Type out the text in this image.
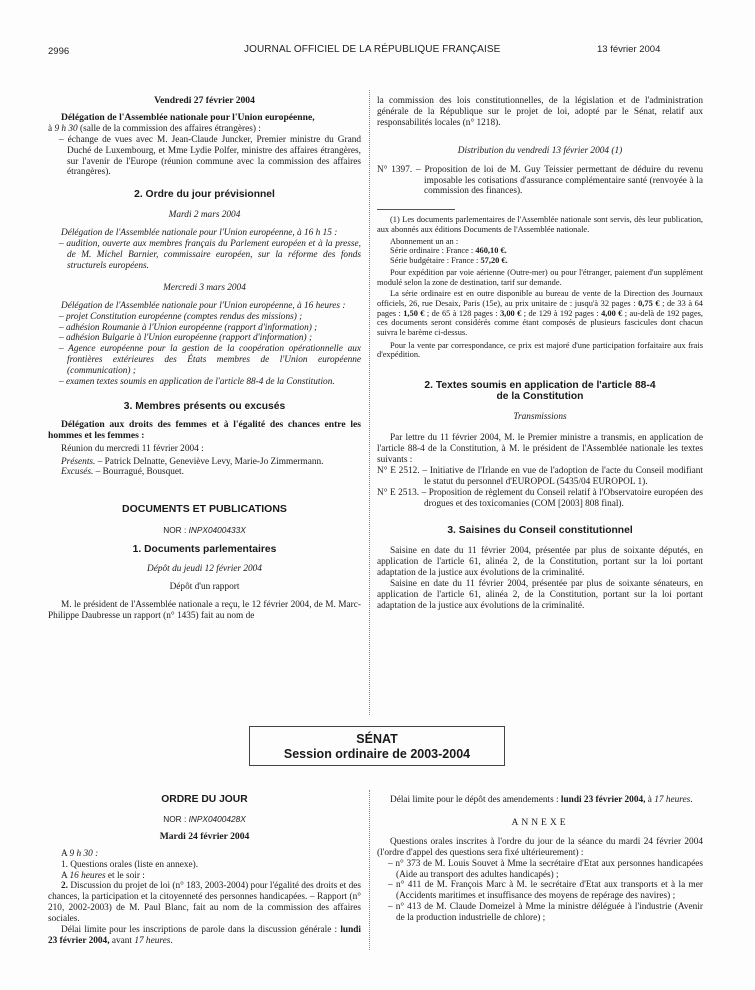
2996	JOURNAL OFFICIEL DE LA RÉPUBLIQUE FRANÇAISE	13 février 2004

Vendredi 27 février 2004

Délégation de l'Assemblée nationale pour l'Union européenne,

à 9 h 30 (salle de la commission des affaires étrangères) :

– échange de vues avec M. Jean-Claude Juncker, Premier ministre du Grand Duché de Luxembourg, et Mme Lydie Polfer, ministre des affaires étrangères, sur l'avenir de l'Europe (réunion commune avec la commission des affaires étrangères).

2. Ordre du jour prévisionnel

Mardi 2 mars 2004

Délégation de l'Assemblée nationale pour l'Union européenne, à 16 h 15 :

– audition, ouverte aux membres français du Parlement européen et à la presse, de M. Michel Barnier, commissaire européen, sur la réforme des fonds structurels européens.

Mercredi 3 mars 2004

Délégation de l'Assemblée nationale pour l'Union européenne, à 16 heures :

– projet Constitution européenne (comptes rendus des missions) ;

– adhésion Roumanie à l'Union européenne (rapport d'information) ;

– adhésion Bulgarie à l'Union européenne (rapport d'information) ;

– Agence européenne pour la gestion de la coopération opérationnelle aux frontières extérieures des États membres de l'Union européenne (communication) ;

– examen textes soumis en application de l'article 88-4 de la Constitution.

3. Membres présents ou excusés

Délégation aux droits des femmes et à l'égalité des chances entre les hommes et les femmes :

Réunion du mercredi 11 février 2004 :

Présents. – Patrick Delnatte, Geneviève Levy, Marie-Jo Zimmermann.

Excusés. – Bourragué, Bousquet.

DOCUMENTS ET PUBLICATIONS

NOR : INPX0400433X

1. Documents parlementaires

Dépôt du jeudi 12 février 2004

Dépôt d'un rapport

M. le président de l'Assemblée nationale a reçu, le 12 février 2004, de M. Marc-Philippe Daubresse un rapport (n° 1435) fait au nom de

la commission des lois constitutionnelles, de la législation et de l'administration générale de la République sur le projet de loi, adopté par le Sénat, relatif aux responsabilités locales (n° 1218).

Distribution du vendredi 13 février 2004 (1)

N° 1397. – Proposition de loi de M. Guy Teissier permettant de déduire du revenu imposable les cotisations d'assurance complémentaire santé (renvoyée à la commission des finances).

(1) Les documents parlementaires de l'Assemblée nationale sont servis, dès leur publication, aux abonnés aux éditions Documents de l'Assemblée nationale.

Abonnement un an :

Série ordinaire : France : 460,10 €.

Série budgétaire : France : 57,20 €.

Pour expédition par voie aérienne (Outre-mer) ou pour l'étranger, paiement d'un supplément modulé selon la zone de destination, tarif sur demande.

La série ordinaire est en outre disponible au bureau de vente de la Direction des Journaux officiels, 26, rue Desaix, Paris (15e), au prix unitaire de : jusqu'à 32 pages : 0,75 € ; de 33 à 64 pages : 1,50 € ; de 65 à 128 pages : 3,00 € ; de 129 à 192 pages : 4,00 € ; au-delà de 192 pages, ces documents seront considérés comme étant composés de plusieurs fascicules dont chacun suivra le barème ci-dessus.

Pour la vente par correspondance, ce prix est majoré d'une participation forfaitaire aux frais d'expédition.

2. Textes soumis en application de l'article 88-4

de la Constitution

Transmissions

Par lettre du 11 février 2004, M. le Premier ministre a transmis, en application de l'article 88-4 de la Constitution, à M. le président de l'Assemblée nationale les textes suivants :

N° E 2512. – Initiative de l'Irlande en vue de l'adoption de l'acte du Conseil modifiant le statut du personnel d'EUROPOL (5435/04 EUROPOL 1).

N° E 2513. – Proposition de règlement du Conseil relatif à l'Observatoire européen des drogues et des toxicomanies (COM [2003] 808 final).

3. Saisines du Conseil constitutionnel

Saisine en date du 11 février 2004, présentée par plus de soixante députés, en application de l'article 61, alinéa 2, de la Constitution, portant sur la loi portant adaptation de la justice aux évolutions de la criminalité.

Saisine en date du 11 février 2004, présentée par plus de soixante sénateurs, en application de l'article 61, alinéa 2, de la Constitution, portant sur la loi portant adaptation de la justice aux évolutions de la criminalité.

SÉNAT
Session ordinaire de 2003-2004

ORDRE DU JOUR

NOR : INPX0400428X

Mardi 24 février 2004

A 9 h 30 :

1. Questions orales (liste en annexe).

A 16 heures et le soir :

2. Discussion du projet de loi (n° 183, 2003-2004) pour l'égalité des droits et des chances, la participation et la citoyenneté des personnes handicapées. – Rapport (n° 210, 2002-2003) de M. Paul Blanc, fait au nom de la commission des affaires sociales.

Délai limite pour les inscriptions de parole dans la discussion générale : lundi 23 février 2004, avant 17 heures.

Délai limite pour le dépôt des amendements : lundi 23 février 2004, à 17 heures.

ANNEXE

Questions orales inscrites à l'ordre du jour de la séance du mardi 24 février 2004 (l'ordre d'appel des questions sera fixé ultérieurement) :

– n° 373 de M. Louis Souvet à Mme la secrétaire d'Etat aux personnes handicapées (Aide au transport des adultes handicapés) ;

– n° 411 de M. François Marc à M. le secrétaire d'Etat aux transports et à la mer (Accidents maritimes et insuffisance des moyens de repérage des navires) ;

– n° 413 de M. Claude Domeizel à Mme la ministre déléguée à l'industrie (Avenir de la production industrielle de chlore) ;
